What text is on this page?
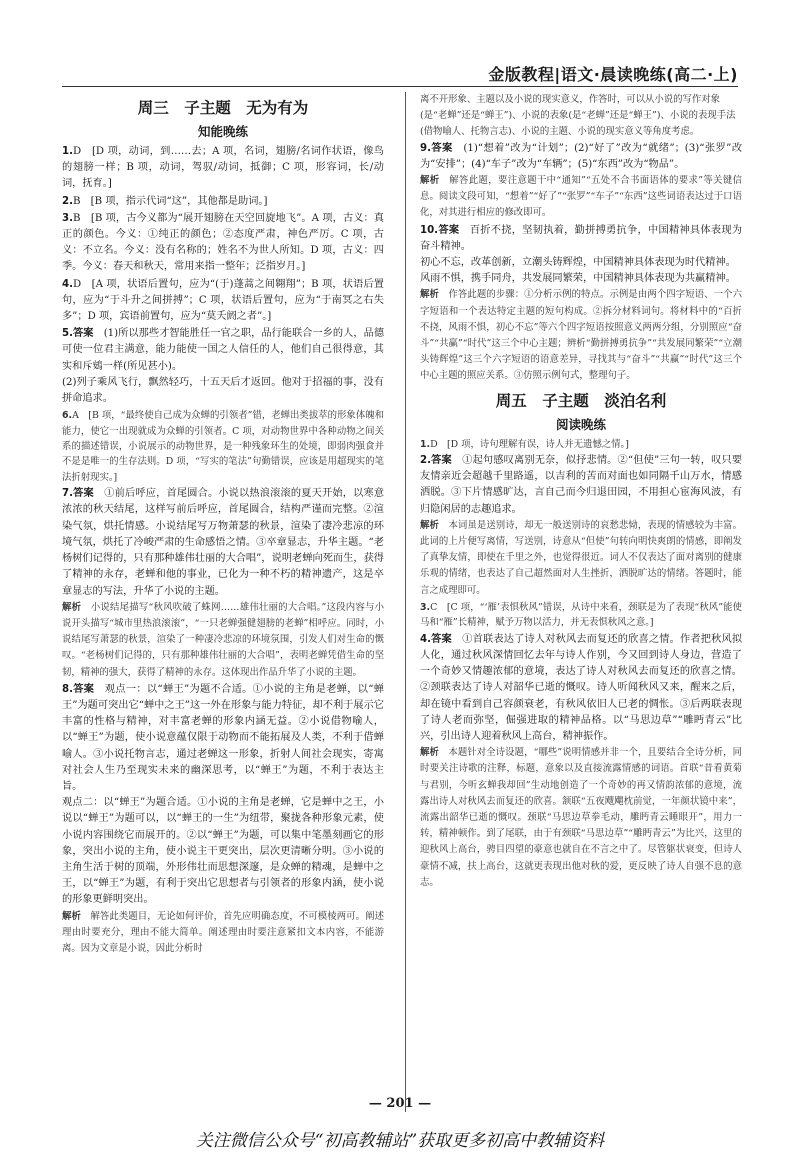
金版教程|语文·晨读晚练(高二·上)
周三　子主题　无为有为
知能晚练
1.D　[D 项，动词，到……去；A 项，名词，翅膀/名词作状语，像鸟的翅膀一样；B 项，动词，驾驭/动词，抵御；C 项，形容词，长/动词，抚育。]
2.B　[B 项，指示代词“这”，其他都是助词。]
3.B　[B 项，古今义都为“展开翅膀在天空回旋地飞”。A 项，古义：真正的颜色。今义：①纯正的颜色；②态度严肃，神色严厉。C 项，古义：不立名。今义：没有名称的；姓名不为世人所知。D 项，古义：四季。今义：春天和秋天，常用来指一整年；泛指岁月。]
4.D　[A 项，状语后置句，应为“(于)蓬蒿之间翱翔”；B 项，状语后置句，应为“于斗升之间拼搏”；C 项，状语后置句，应为“于南冥之右失多”；D 项，宾语前置句，应为“莫夭阏之者”。]
5.答案　 (1)所以那些才智能胜任一官之职，品行能联合一乡的人，品德可使一位君主满意，能力能使一国之人信任的人，他们自己很得意，其实和斥鴳一样(所见甚小)。

(2)列子乘风飞行，飘然轻巧，十五天后才返回。他对于招福的事，没有拼命追求。

6.A　[B 项，“最终使自己成为众蝉的引领者”错，老蝉出类拔萃的形象体魄和能力，使它一出现就成为众蝉的引领者。C 项，对动物世界中各种动物之间关系的描述错误，小说展示的动物世界，是一种残象环生的处境，即弱肉强食并不是是唯一的生存法则。D 项，“写实的笔法”句勤错误，应该是用超现实的笔法折射现实。]
7.答案　 ①前后呼应，首尾圆合。小说以热浪滚滚的夏天开始，以寒意浓浓的秋天结尾，这样写前后呼应，首尾圆合，结构严谨而完整。②渲染气氛，烘托情感。小说结尾写万物萧瑟的秋景，渲染了凄冷悲凉的环境气氛，烘托了冷峻严肃的生命感悟之情。③卒章显志，升华主题。“老杨树们记得的，只有那种雄伟壮丽的大合唱”，说明老蝉向死而生，获得了精神的永存，老蝉和他的事业，已化为一种不朽的精神遗产，这是卒章显志的写法，升华了小说的主题。

解析　 小说结尾描写“秋风吹破了蛛网……雄伟壮丽的大合唱。”这段内容与小说开头描写“城市里热浪滚滚”，“一只老蝉强健翅膀的老蝉”相呼应。同时，小说结尾写萧瑟的秋景，渲染了一种凄冷悲凉的环境氛围，引发人们对生命的慨叹。“老杨树们记得的，只有那种雄伟壮丽的大合唱”，表明老蝉凭借生命的坚韧，精神的强大，获得了精神的永存。这体现出作品升华了小说的主题。

8.答案　 观点一：以“蝉王”为题不合适。①小说的主角是老蝉，以“蝉王”为题可突出它“蝉中之王”这一外在形象与能力特征，却不利于展示它丰富的性格与精神，对丰富老蝉的形象内涵无益。②小说借物喻人，以“蝉王”为题，使小说意蕴仅限于动物而不能拓展及人类，不利于借蝉喻人。③小说托物言志，通过老蝉这一形象，折射人间社会现实，寄寓对社会人生乃至现实未来的幽深思考，以“蝉王”为题，不利于表达主旨。

观点二：以“蝉王”为题合适。①小说的主角是老蝉，它是蝉中之王，小说以“蝉王”为题可以，以“蝉王的一生”为纽带，聚拢各种形象元素，使小说内容围绕它而展开的。②以“蝉王”为题，可以集中笔墨刻画它的形象，突出小说的主角，使小说主干更突出，层次更清晰分明。③小说的主角生活于树的顶端，外形伟壮而思想深邃，是众蝉的精魂，是蝉中之王，以“蝉王”为题，有利于突出它思想者与引领者的形象内涵，使小说的形象更鲜明突出。

解析　 解答此类题目，无论如何评价，首先应明确态度，不可模棱两可。阐述理由时要充分，理由不能大简单。阐述理由时要注意紧扣文本内容，不能游离。因为文章是小说，因此分析时

离不开形象、主题以及小说的现实意义，作答时，可以从小说的写作对象(是“老蝉”还是“蝉王”)、小说的表象(是“老蝉”还是“蝉王”)、小说的表现手法(借物喻人、托物言志)、小说的主题、小说的现实意义等角度考虑。

9.答案　 (1)“想着”改为“计划”；(2)“好了”改为“就绪”；(3)“张罗”改为“安排”；(4)“车子”改为“车辆”；(5)“东西”改为“物品”。

解析　 解答此题，要注意题干中“通知”“五处不合书面语体的要求”等关键信息。阅读文段可知，“想着”“好了”“张罗”“车子”“东西”这些词语表达过于口语化，对其进行相应的修改即可。

10.答案　 百折不挠，坚韧执着，勤拼搏勇抗争，中国精神具体表现为奋斗精神。

初心不忘，改革创新，立潮头铸辉煌，中国精神具体表现为时代精神。

风雨不惧，携手同舟，共发展同繁荣，中国精神具体表现为共赢精神。

解析　 作答此题的步骤：①分析示例的特点。示例是由两个四字短语、一个六字短语和一个表达特定主题的短句构成。②拆分材料词句。将材料中的“百折不挠，风雨不惧，初心不忘”等六个四字短语按照意义两两分组，分别照应“奋斗”“共赢”“时代”这三个中心主题；辨析“勤拼搏勇抗争”“共发展同繁荣”“立潮头铸辉煌”这三个六字短语的语意差异，寻找其与“奋斗”“共赢”“时代”这三个中心主题的照应关系。③仿照示例句式，整理句子。

周五　子主题　淡泊名利
阅读晚练
1.D　[D 项，诗句理解有误，诗人并无遗憾之情。]
2.答案　 ①起句感叹离别无奈，似抒悲情。②“但使”三句一转，叹只要友情亲近会超越千里路遥，以吉利的苦而对面也如同隔千山万水，情感洒脱。③下片情感旷达，言自己而今归退田园，不用担心宦海风波，有归隐闲居的志趣追求。

解析　 本词虽是送别诗，却无一般送别诗的哀愁悲恸，表现的情感较为丰富。此词的上片便写离情，写送别，诗意从“但使”句转向明快爽朗的情感，即阐发了真挚友情，即使在千里之外，也觉得很近。词人不仅表达了面对离别的健康乐观的情绪，也表达了自己超然面对人生挫折，洒脱旷达的情绪。答题时，能言之成理即可。

3.C　[C 项，“‘雁’表惧秋风”错误，从诗中来看，颈联是为了表现“秋风”能使马和“雁”长精神，赋予万物以活力，并无表惧秋风之意。]
4.答案　 ①首联表达了诗人对秋风去而复还的欣喜之情。作者把秋风拟人化，通过秋风深情回忆去年与诗人作别，今又回到诗人身边，营造了一个奇妙又情趣浓郁的意境，表达了诗人对秋风去而复还的欣喜之情。②颈联表达了诗人对韶华已逝的慨叹。诗人听闻秋风又来，醒来之后，却在镜中看到自己容颜衰老，有秋风依旧人已老的惆怅。③后两联表现了诗人老而弥坚，倔强进取的精神品格。以“马思边草”“雕眄青云”比兴，引出诗人迎着秋风上高台，精神振作。

解析　 本题针对全诗设题，“哪些”说明情感并非一个，且要结合全诗分析，同时要关注诗歌的注释，标题，意象以及直接流露情感的词语。首联“昔看黄菊与君别，今听玄蝉我却回”生动地创造了一个奇妙的再又情韵浓郁的意境，流露出诗人对秋风去而复还的欣喜。颔联“五夜飕飗枕前觉，一年颜状镜中来”，流露出韶华已逝的慨叹。颈联“马思边草拳毛动，雕眄青云睡眼开”，用力一转，精神顿作。到了尾联，由于有颈联“马思边草”“雕眄青云”为比兴，这里的迎秋风上高台，骋目四望的豪意也就自在不言之中了。尽管躯状衰变，但诗人豪情不减，扶上高台，这就更表现出他对秋的爱，更反映了诗人自强不息的意志。

— 201 —
关注微信公众号“初高教辅站”获取更多初高中教辅资料
